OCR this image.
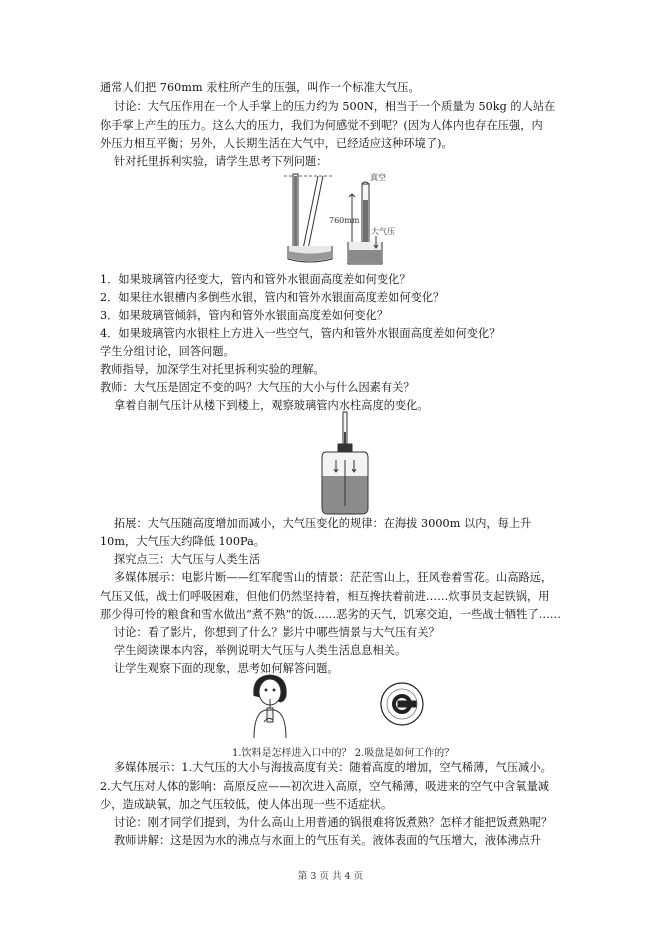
通常人们把 760mm 汞柱所产生的压强，叫作一个标准大气压。
讨论：大气压作用在一个人手掌上的压力约为 500N，相当于一个质量为 50kg 的人站在
你手掌上产生的压力。这么大的压力，我们为何感觉不到呢？(因为人体内也存在压强，内
外压力相互平衡；另外，人长期生活在大气中，已经适应这种环境了)。
针对托里拆利实验，请学生思考下列问题：
真空
760mm
大气压
1．如果玻璃管内径变大，管内和管外水银面高度差如何变化？
2．如果往水银槽内多倒些水银，管内和管外水银面高度差如何变化？
3．如果玻璃管倾斜，管内和管外水银面高度差如何变化？
4．如果玻璃管内水银柱上方进入一些空气，管内和管外水银面高度差如何变化？
学生分组讨论，回答问题。
教师指导，加深学生对托里拆利实验的理解。
教师：大气压是固定不变的吗？大气压的大小与什么因素有关？
拿着自制气压计从楼下到楼上，观察玻璃管内水柱高度的变化。
拓展：大气压随高度增加而减小，大气压变化的规律：在海拔 3000m 以内，每上升
10m，大气压大约降低 100Pa。
探究点三：大气压与人类生活
多媒体展示：电影片断——红军爬雪山的情景：茫茫雪山上，狂风卷着雪花。山高路远，
气压又低，战士们呼吸困难，但他们仍然坚持着，相互搀扶着前进……炊事员支起铁锅，用
那少得可怜的粮食和雪水做出“煮不熟”的饭……恶劣的天气，饥寒交迫，一些战士牺牲了……
讨论：看了影片，你想到了什么？影片中哪些情景与大气压有关？
学生阅读课本内容，举例说明大气压与人类生活息息相关。
让学生观察下面的现象，思考如何解答问题。
1.饮料是怎样进入口中的？ 2.吸盘是如何工作的？
多媒体展示：1.大气压的大小与海拔高度有关：随着高度的增加，空气稀薄，气压减小。
2.大气压对人体的影响：高原反应——初次进入高原，空气稀薄，吸进来的空气中含氧量减
少，造成缺氧，加之气压较低，使人体出现一些不适症状。
讨论：刚才同学们提到，为什么高山上用普通的锅很难将饭煮熟？怎样才能把饭煮熟呢？
教师讲解：这是因为水的沸点与水面上的气压有关。液体表面的气压增大，液体沸点升
第 3 页 共 4 页
